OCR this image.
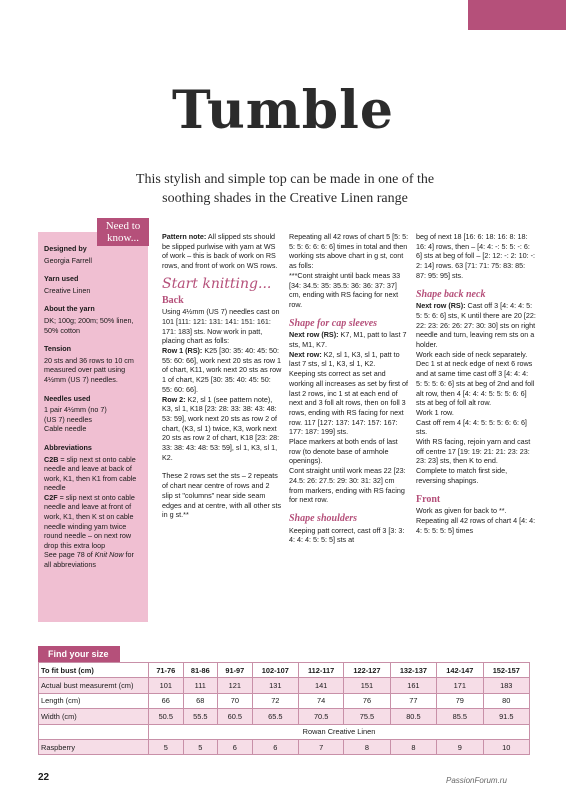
Tumble

This stylish and simple top can be made in one of the soothing shades in the Creative Linen range

Designed by
Georgia Farrell
Yarn used
Creative Linen
About the yarn
DK; 100g; 200m; 50% linen, 50% cotton
Tension
20 sts and 36 rows to 10 cm measured over patt using 4½mm (US 7) needles.
Needles used
1 pair 4½mm (no 7)
(US 7) needles
Cable needle
Abbreviations
C2B = slip next st onto cable needle and leave at back of work, K1, then K1 from cable needle
C2F = slip next st onto cable needle and leave at front of work, K1, then K st on cable needle winding yarn twice round needle – on next row drop this extra loop
See page 78 of Knit Now for all abbreviations
Need to know...	Pattern note: All slipped sts should be slipped purlwise with yarn at WS of work – this is back of work on RS rows, and front of work on WS rows.
Start knitting...
Back
Using 4½mm (US 7) needles cast on 101 [111: 121: 131: 141: 151: 161: 171: 183] sts. Now work in patt, placing chart as folls:
Row 1 (RS): K25 [30: 35: 40: 45: 50: 55: 60: 66], work next 20 sts as row 1 of chart, K11, work next 20 sts as row 1 of chart, K25 [30: 35: 40: 45: 50: 55: 60: 66].
Row 2: K2, sl 1 (see pattern note), K3, sl 1, K18 [23: 28: 33: 38: 43: 48: 53: 59], work next 20 sts as row 2 of chart, (K3, sl 1) twice, K3, work next 20 sts as row 2 of chart, K18 [23: 28: 33: 38: 43: 48: 53: 59], sl 1, K3, sl 1, K2.
These 2 rows set the sts – 2 repeats of chart near centre of rows and 2 slip st "columns" near side seam edges and at centre, with all other sts in g st.**
Repeating all 42 rows of chart 5 [5: 5: 5: 5: 6: 6: 6: 6] times in total and then working sts above chart in g st, cont as folls:
***Cont straight until back meas 33 [34: 34.5: 35: 35.5: 36: 36: 37: 37] cm, ending with RS facing for next row.
Shape for cap sleeves
Next row (RS): K7, M1, patt to last 7 sts, M1, K7.
Next row: K2, sl 1, K3, sl 1, patt to last 7 sts, sl 1, K3, sl 1, K2.
Keeping sts correct as set and working all increases as set by first of last 2 rows, inc 1 st at each end of next and 3 foll alt rows, then on foll 3 rows, ending with RS facing for next row. 117 [127: 137: 147: 157: 167: 177: 187: 199] sts.
Place markers at both ends of last row (to denote base of armhole openings).
Cont straight until work meas 22 [23: 24.5: 26: 27.5: 29: 30: 31: 32] cm from markers, ending with RS facing for next row.
Shape shoulders
Keeping patt correct, cast off 3 [3: 3: 4: 4: 4: 5: 5: 5] sts at
beg of next 18 [16: 6: 18: 16: 8: 18: 16: 4] rows, then – [4: 4: -: 5: 5: -: 6: 6] sts at beg of foll – [2: 12: -: 2: 10: -: 2: 14] rows. 63 [71: 71: 75: 83: 85: 87: 95: 95] sts.
Shape back neck
Next row (RS): Cast off 3 [4: 4: 4: 5: 5: 5: 6: 6] sts, K until there are 20 [22: 22: 23: 26: 26: 27: 30: 30] sts on right needle and turn, leaving rem sts on a holder.
Work each side of neck separately.
Dec 1 st at neck edge of next 6 rows and at same time cast off 3 [4: 4: 4: 5: 5: 5: 6: 6] sts at beg of 2nd and foll alt row, then 4 [4: 4: 4: 5: 5: 5: 6: 6] sts at beg of foll alt row.
Work 1 row.
Cast off rem 4 [4: 4: 5: 5: 5: 6: 6: 6] sts.
With RS facing, rejoin yarn and cast off centre 17 [19: 19: 21: 21: 23: 23: 23: 23] sts, then K to end.
Complete to match first side, reversing shapings.
Front
Work as given for back to **. Repeating all 42 rows of chart 4 [4: 4: 4: 5: 5: 5: 5] times
Find your size
To fit bust (cm)	71-76	81-86	91-97	102-107	112-117	122-127	132-137	142-147	152-157
Actual bust measuremt (cm)	101	111	121	131	141	151	161	171	183
Length (cm)	66	68	70	72	74	76	77	79	80
Width (cm)	50.5	55.5	60.5	65.5	70.5	75.5	80.5	85.5	91.5
	Rowan Creative Linen								
Raspberry	5	5	6	6	7	8	8	9	10
22	PassionForum.ru
